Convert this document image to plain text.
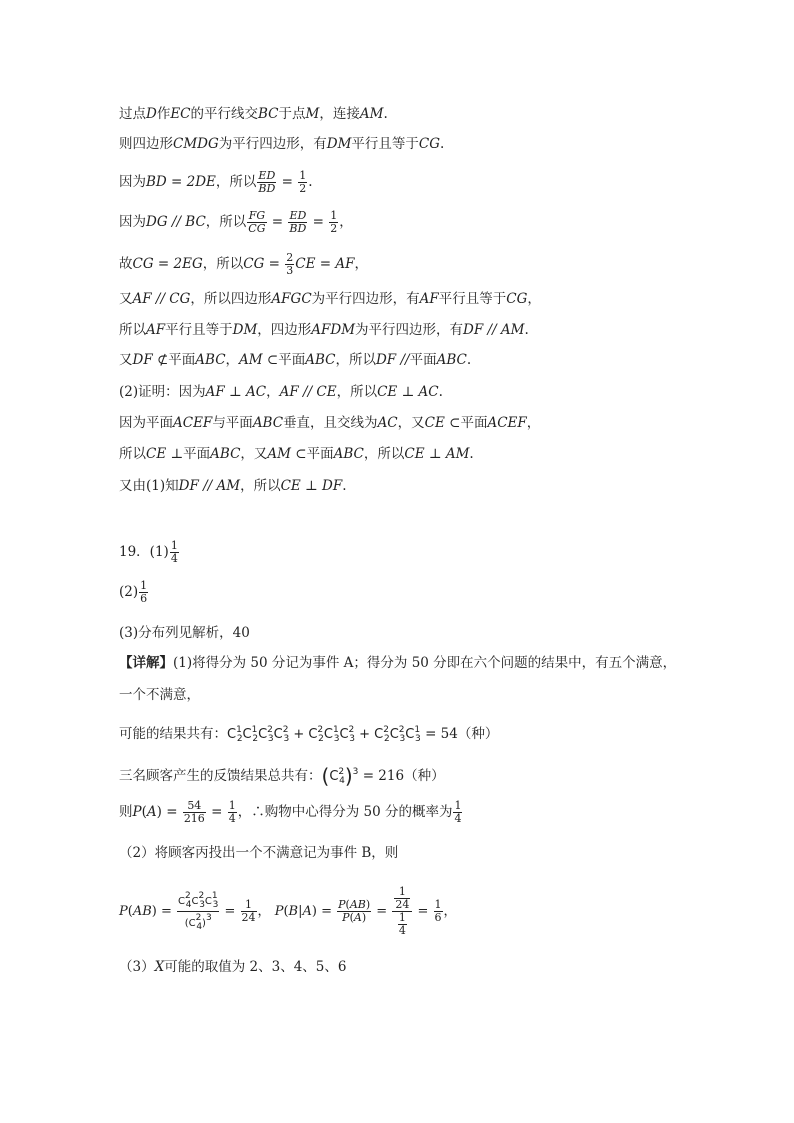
过点D作EC的平行线交BC于点M，连接AM.
则四边形CMDG为平行四边形，有DM平行且等于CG.
因为BD = 2DE，所以 $\frac{ED}{BD} = \frac{1}{2}$ .
因为DG // BC，所以 $\frac{FG}{CG} = \frac{ED}{BD} = \frac{1}{2}$ ，
故CG = 2EG，所以CG = $\frac{2}{3}$ CE = AF，
又AF // CG，所以四边形AFGC为平行四边形，有AF平行且等于CG，
所以AF平行且等于DM，四边形AFDM为平行四边形，有DF // AM.
又DF ⊄平面ABC，AM ⊂平面ABC，所以DF //平面ABC.
(2)证明：因为AF ⊥ AC，AF // CE，所以CE ⊥ AC.
因为平面ACEF与平面ABC垂直，且交线为AC，又CE ⊂平面ACEF，
所以CE ⊥平面ABC，又AM ⊂平面ABC，所以CE ⊥ AM.
又由(1)知DF // AM，所以CE ⊥ DF.
19．$(1) \frac{1}{4}$
$(2) \frac{1}{6}$
(3)分布列见解析，40
【详解】(1)将得分为 50 分记为事件 A；得分为 50 分即在六个问题的结果中，有五个满意，
一个不满意，
可能的结果共有：$C^1_2C^1_2C^2_3C^2_3 + C^2_2C^1_3C^2_3 + C^2_2C^2_3C^1_3 = 54$（种）
三名顾客产生的反馈结果总共有：$(C^2_4)^3 = 216$（种）
则$P(A) = \frac{54}{216} = \frac{1}{4}$ ，∴购物中心得分为 50 分的概率为 $\frac{1}{4}$
（2）将顾客丙投出一个不满意记为事件 B，则
$P(AB) = \frac{C24C23C13}{(C24)3} = \frac{1}{24}$ ， $P(B|A) = \frac{P(AB)}{P(A)} = \frac{\frac{1}{24}}{\frac{1}{4}} = \frac{1}{6}$ ，
（3）X可能的取值为 2、3、4、5、6
